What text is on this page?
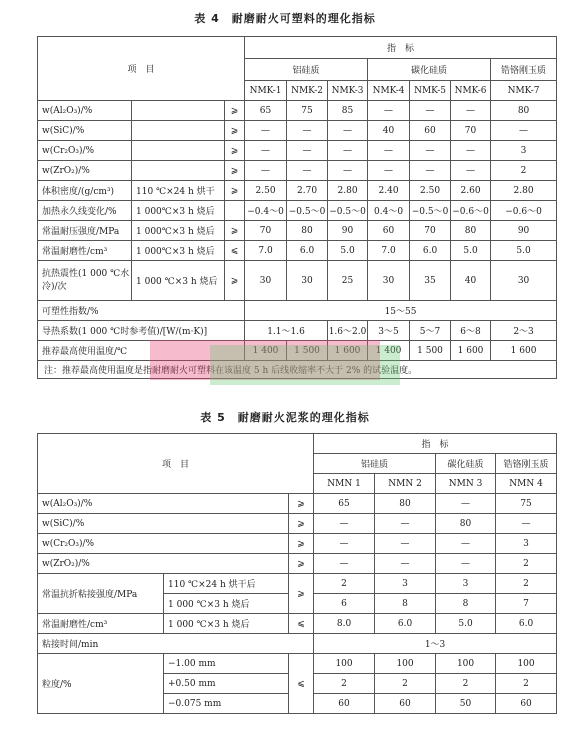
表 4　耐磨耐火可塑料的理化指标
项　目			指　标						
			铝硅质			碳化硅质			锆铬刚玉质
			NMK-1	NMK-2	NMK-3	NMK-4	NMK-5	NMK-6	NMK-7
w(Al₂O₃)/%		⩾	65	75	85	—	—	—	80
w(SiC)/%		⩾	—	—	—	40	60	70	—
w(Cr₂O₃)/%		⩾	—	—	—	—	—	—	3
w(ZrO₂)/%		⩾	—	—	—	—	—	—	2
体积密度/(g/cm³)	110 ℃×24 h 烘干	⩾	2.50	2.70	2.80	2.40	2.50	2.60	2.80
加热永久线变化/%	1 000℃×3 h 烧后		−0.4～0	−0.5～0	−0.5～0	0.4～0	−0.5～0	−0.6～0	−0.6～0
常温耐压强度/MPa	1 000℃×3 h 烧后	⩾	70	80	90	60	70	80	90
常温耐磨性/cm³	1 000℃×3 h 烧后	⩽	7.0	6.0	5.0	7.0	6.0	5.0	5.0
抗热震性(1 000 ℃水冷)/次	1 000 ℃×3 h 烧后	⩾	30	30	25	30	35	40	30
可塑性指数/%			15～55						
导热系数(1 000 ℃时参考值)/[W/(m·K)]			1.1～1.6		1.6～2.0	3～5	5～7	6～8	2～3
推荐最高使用温度/℃			1 400	1 500	1 600	1 400	1 500	1 600	1 600
注：推荐最高使用温度是指耐磨耐火可塑料在该温度 5 h 后线收缩率不大于 2% 的试验温度。									
表 5　耐磨耐火泥浆的理化指标
项　目			指　标			
			铝硅质		碳化硅质	锆铬刚玉质
			NMN 1	NMN 2	NMN 3	NMN 4
w(Al₂O₃)/%		⩾	65	80	—	75
w(SiC)/%		⩾	—	—	80	—
w(Cr₂O₃)/%		⩾	—	—	—	3
w(ZrO₂)/%		⩾	—	—	—	2
常温抗折粘接强度/MPa	110 ℃×24 h 烘干后	⩾	2	3	3	2
	1 000 ℃×3 h 烧后		6	8	8	7
常温耐磨性/cm³	1 000 ℃×3 h 烧后	⩽	8.0	6.0	5.0	6.0
粘接时间/min			1～3			
粒度/%	−1.00 mm	⩽	100	100	100	100
	+0.50 mm		2	2	2	2
	−0.075 mm		60	60	50	60
